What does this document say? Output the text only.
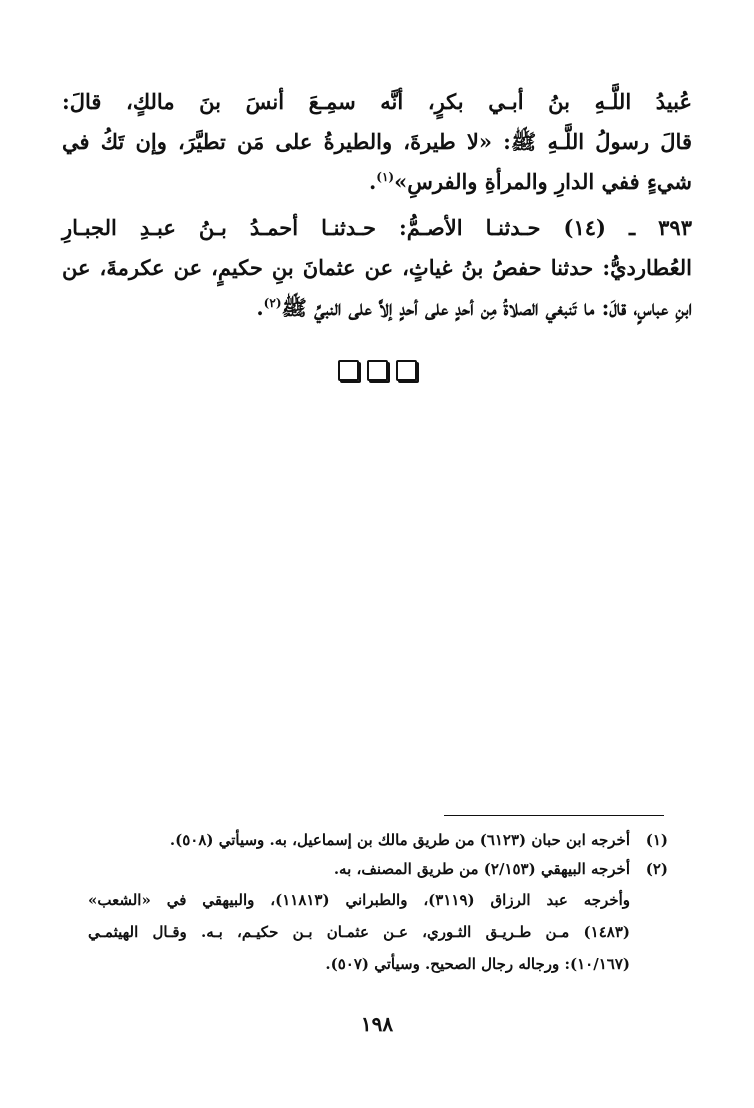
عُبيدُ اللَّـهِ بنُ أبـي بكرٍ، أنَّه سمِـعَ أنسَ بنَ مالكٍ، قالَ:

قالَ رسولُ اللَّـهِ ﷺ: «لا طيرةَ، والطيرةُ على مَن تطيَّرَ، وإن تَكُ في

شيءٍ ففي الدارِ والمرأةِ والفرسِ»$^{(١)}$.

٣٩٣ ـ (١٤) حـدثنـا الأصـمُّ: حـدثنـا أحمـدُ بـنُ عبـدِ الجبـارِ

العُطارديُّ: حدثنا حفصُ بنُ غياثٍ، عن عثمانَ بنِ حكيمٍ، عن عكرمةَ، عن

ابنِ عباسٍ، قالَ: ما تَنبغي الصلاةُ مِن أحدٍ على أحدٍ إلاَّ على النبيِّ ﷺ$^{(٢)}$.

(١)
أخرجه ابن حبان (٦١٢٣) من طريق مالك بن إسماعيل، به. وسيأتي (٥٠٨).
(٢)
أخرجه البيهقي (٢/١٥٣) من طريق المصنف، به.
وأخرجه عبد الرزاق (٣١١٩)، والطبراني (١١٨١٣)، والبيهقي في «الشعب»
(١٤٨٣) مـن طـريـق الثـوري، عـن عثمـان بـن حكيـم، بـه. وقـال الهيثمـي
(١٠/١٦٧): ورجاله رجال الصحيح. وسيأتي (٥٠٧).
١٩٨
